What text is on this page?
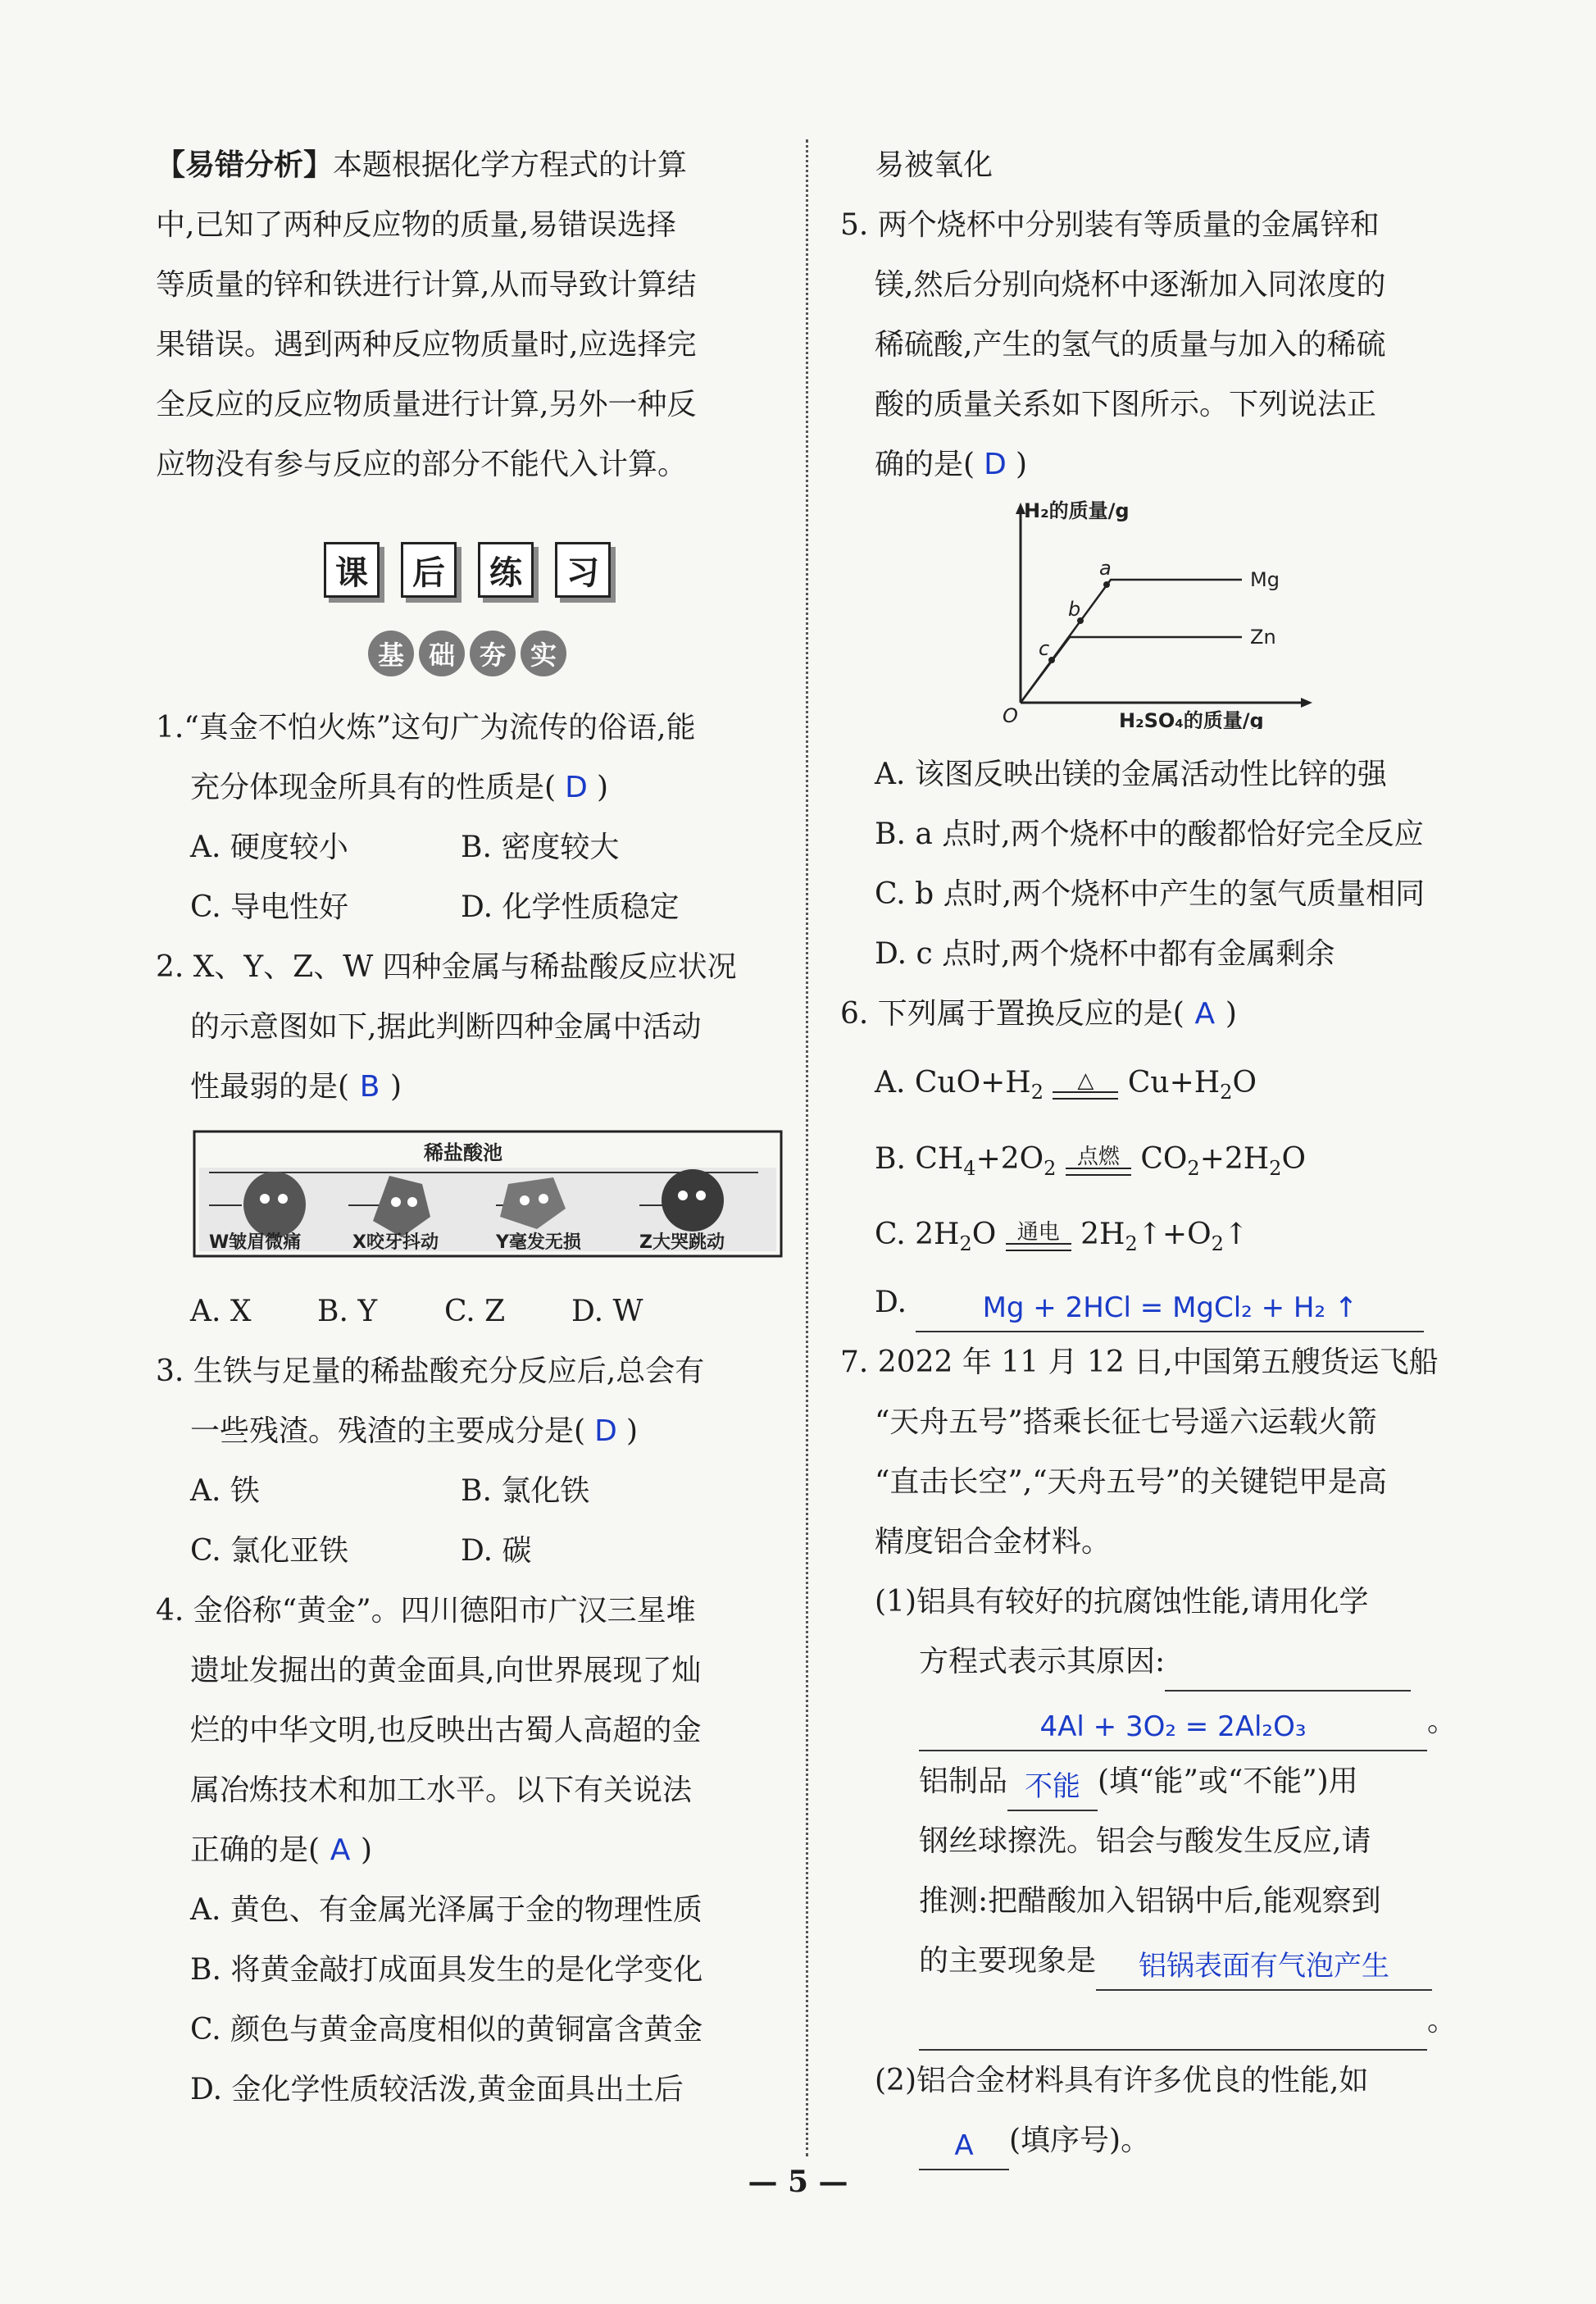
【易错分析】本题根据化学方程式的计算
中,已知了两种反应物的质量,易错误选择
等质量的锌和铁进行计算,从而导致计算结
果错误。遇到两种反应物质量时,应选择完
全反应的反应物质量进行计算,另外一种反
应物没有参与反应的部分不能代入计算。
课	后	练	习
基 础 夯 实
1.“真金不怕火炼”这句广为流传的俗语,能
充分体现金所具有的性质是( D )
A. 硬度较小	B. 密度较大
C. 导电性好	D. 化学性质稳定
2. X、Y、Z、W 四种金属与稀盐酸反应状况
的示意图如下,据此判断四种金属中活动
性最弱的是( B )
稀盐酸池
W皱眉微痛	X咬牙抖动	Y毫发无损	Z大哭跳动
A. X	B. Y	C. Z	D. W
3. 生铁与足量的稀盐酸充分反应后,总会有
一些残渣。残渣的主要成分是( D )
A. 铁	B. 氯化铁
C. 氯化亚铁	D. 碳
4. 金俗称“黄金”。四川德阳市广汉三星堆
遗址发掘出的黄金面具,向世界展现了灿
烂的中华文明,也反映出古蜀人高超的金
属冶炼技术和加工水平。以下有关说法
正确的是( A )
A. 黄色、有金属光泽属于金的物理性质
B. 将黄金敲打成面具发生的是化学变化
C. 颜色与黄金高度相似的黄铜富含黄金
D. 金化学性质较活泼,黄金面具出土后
易被氧化
5. 两个烧杯中分别装有等质量的金属锌和
镁,然后分别向烧杯中逐渐加入同浓度的
稀硫酸,产生的氢气的质量与加入的稀硫
酸的质量关系如下图所示。下列说法正
确的是( D )
H₂的质量/g
H₂SO₄的质量/g
O
a
b
c
Mg
Zn
A. 该图反映出镁的金属活动性比锌的强
B. a 点时,两个烧杯中的酸都恰好完全反应
C. b 点时,两个烧杯中产生的氢气质量相同
D. c 点时,两个烧杯中都有金属剩余
6. 下列属于置换反应的是( A )
A. $CuO+H_2$	△	$Cu+H_2O$
B. $CH_4+2O_2$ 点燃 $CO_2+2H_2O$
C. $2H_2O$ 通电 $2H_2↑+O_2↑$
D.	Mg + 2HCl = MgCl₂ + H₂ ↑
7. 2022 年 11 月 12 日,中国第五艘货运飞船
“天舟五号”搭乘长征七号遥六运载火箭
“直击长空”,“天舟五号”的关键铠甲是高
精度铝合金材料。
(1)铝具有较好的抗腐蚀性能,请用化学
方程式表示其原因:
4Al + 3O₂ = 2Al₂O₃	。
铝制品 不能 (填“能”或“不能”)用
钢丝球擦洗。铝会与酸发生反应,请
推测:把醋酸加入铝锅中后,能观察到
的主要现象是 铝锅表面有气泡产生
。
(2)铝合金材料具有许多优良的性能,如
A (填序号)。
— 5 —
